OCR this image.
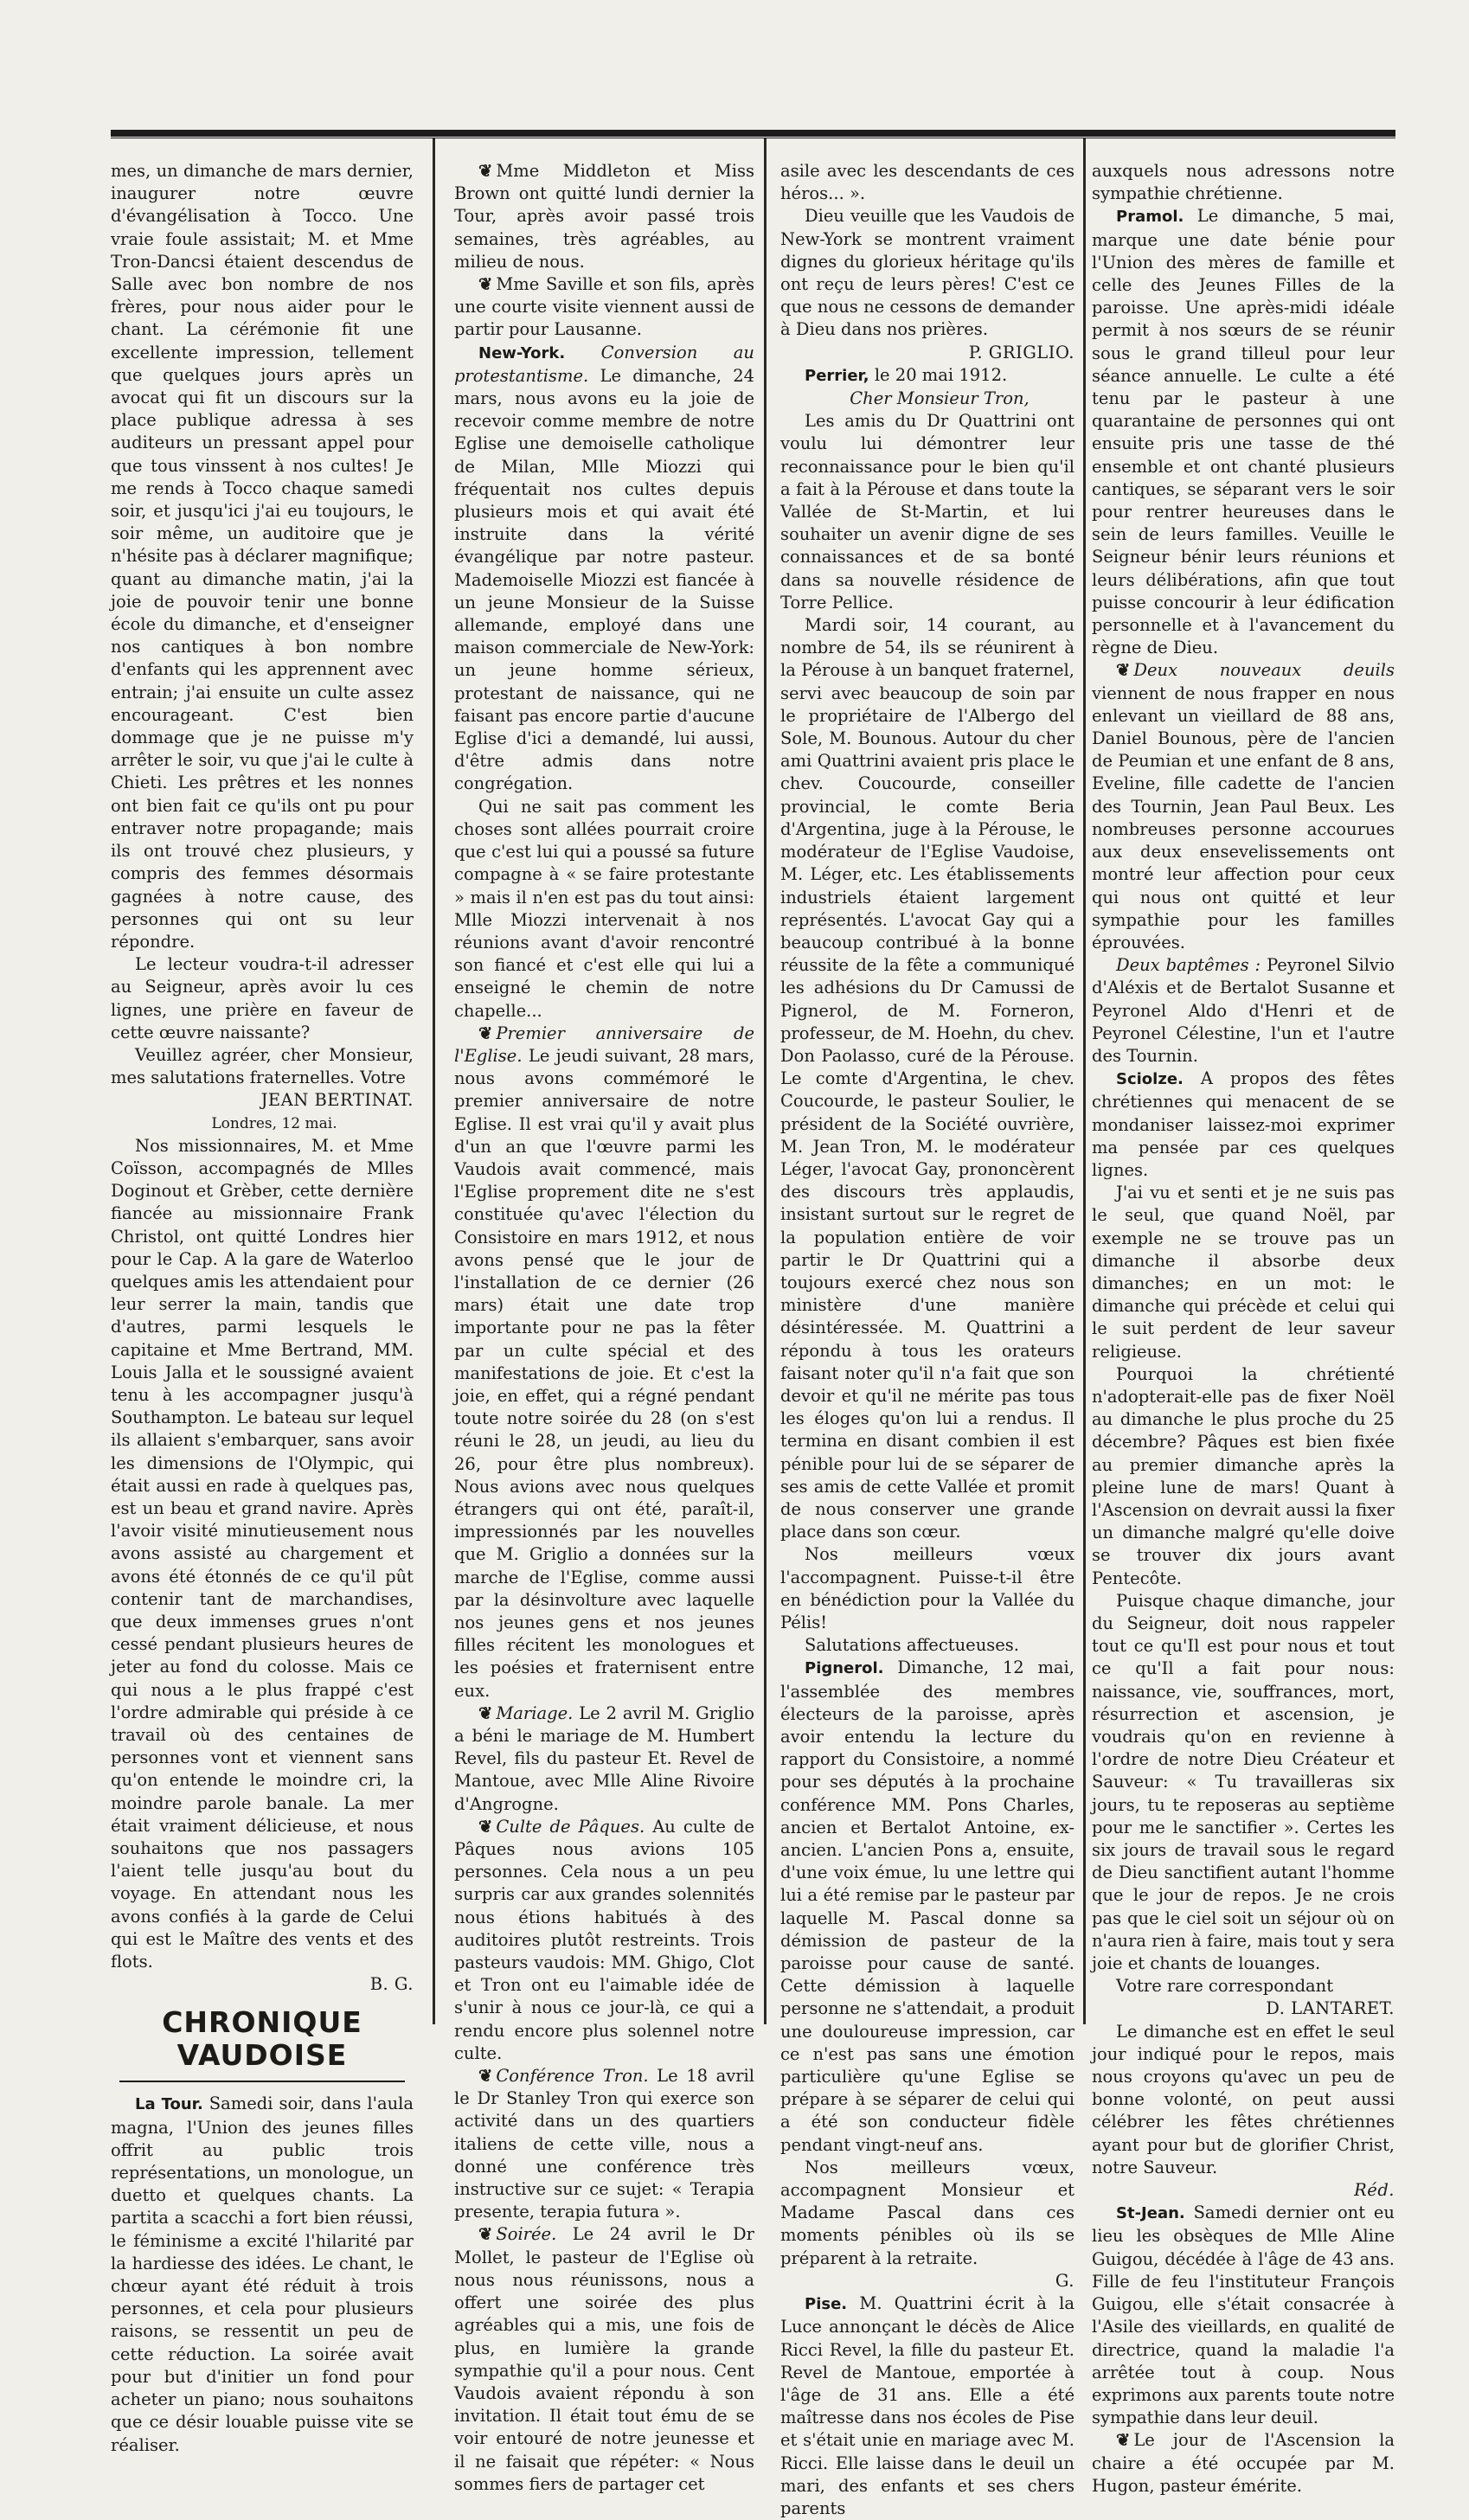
mes, un dimanche de mars dernier, inaugurer notre œuvre d'évangélisation à Tocco. Une vraie foule assistait; M. et Mme Tron-Dancsi étaient descendus de Salle avec bon nombre de nos frères, pour nous aider pour le chant. La cérémonie fit une excellente impression, tellement que quelques jours après un avocat qui fit un discours sur la place publique adressa à ses auditeurs un pressant appel pour que tous vinssent à nos cultes! Je me rends à Tocco chaque samedi soir, et jusqu'ici j'ai eu toujours, le soir même, un auditoire que je n'hésite pas à déclarer magnifique; quant au dimanche matin, j'ai la joie de pouvoir tenir une bonne école du dimanche, et d'enseigner nos cantiques à bon nombre d'enfants qui les apprennent avec entrain; j'ai ensuite un culte assez encourageant. C'est bien dommage que je ne puisse m'y arrêter le soir, vu que j'ai le culte à Chieti. Les prêtres et les nonnes ont bien fait ce qu'ils ont pu pour entraver notre propagande; mais ils ont trouvé chez plusieurs, y compris des femmes désormais gagnées à notre cause, des personnes qui ont su leur répondre.

Le lecteur voudra-t-il adresser au Seigneur, après avoir lu ces lignes, une prière en faveur de cette œuvre naissante?

Veuillez agréer, cher Monsieur, mes salutations fraternelles. Votre

JEAN BERTINAT.

Londres, 12 mai.

Nos missionnaires, M. et Mme Coïsson, accompagnés de Mlles Doginout et Grèber, cette dernière fiancée au missionnaire Frank Christol, ont quitté Londres hier pour le Cap. A la gare de Waterloo quelques amis les attendaient pour leur serrer la main, tandis que d'autres, parmi lesquels le capitaine et Mme Bertrand, MM. Louis Jalla et le soussigné avaient tenu à les accompagner jusqu'à Southampton. Le bateau sur lequel ils allaient s'embarquer, sans avoir les dimensions de l'Olympic, qui était aussi en rade à quelques pas, est un beau et grand navire. Après l'avoir visité minutieusement nous avons assisté au chargement et avons été étonnés de ce qu'il pût contenir tant de marchandises, que deux immenses grues n'ont cessé pendant plusieurs heures de jeter au fond du colosse. Mais ce qui nous a le plus frappé c'est l'ordre admirable qui préside à ce travail où des centaines de personnes vont et viennent sans qu'on entende le moindre cri, la moindre parole banale. La mer était vraiment délicieuse, et nous souhaitons que nos passagers l'aient telle jusqu'au bout du voyage. En attendant nous les avons confiés à la garde de Celui qui est le Maître des vents et des flots.

B. G.

CHRONIQUE VAUDOISE

La Tour. Samedi soir, dans l'aula magna, l'Union des jeunes filles offrit au public trois représentations, un monologue, un duetto et quelques chants. La partita a scacchi a fort bien réussi, le féminisme a excité l'hilarité par la hardiesse des idées. Le chant, le chœur ayant été réduit à trois personnes, et cela pour plusieurs raisons, se ressentit un peu de cette réduction. La soirée avait pour but d'initier un fond pour acheter un piano; nous souhaitons que ce désir louable puisse vite se réaliser.

❦ Mme Middleton et Miss Brown ont quitté lundi dernier la Tour, après avoir passé trois semaines, très agréables, au milieu de nous.

❦ Mme Saville et son fils, après une courte visite viennent aussi de partir pour Lausanne.

New-York. Conversion au protestantisme. Le dimanche, 24 mars, nous avons eu la joie de recevoir comme membre de notre Eglise une demoiselle catholique de Milan, Mlle Miozzi qui fréquentait nos cultes depuis plusieurs mois et qui avait été instruite dans la vérité évangélique par notre pasteur. Mademoiselle Miozzi est fiancée à un jeune Monsieur de la Suisse allemande, employé dans une maison commerciale de New-York: un jeune homme sérieux, protestant de naissance, qui ne faisant pas encore partie d'aucune Eglise d'ici a demandé, lui aussi, d'être admis dans notre congrégation.

Qui ne sait pas comment les choses sont allées pourrait croire que c'est lui qui a poussé sa future compagne à « se faire protestante » mais il n'en est pas du tout ainsi: Mlle Miozzi intervenait à nos réunions avant d'avoir rencontré son fiancé et c'est elle qui lui a enseigné le chemin de notre chapelle...

❦ Premier anniversaire de l'Eglise. Le jeudi suivant, 28 mars, nous avons commémoré le premier anniversaire de notre Eglise. Il est vrai qu'il y avait plus d'un an que l'œuvre parmi les Vaudois avait commencé, mais l'Eglise proprement dite ne s'est constituée qu'avec l'élection du Consistoire en mars 1912, et nous avons pensé que le jour de l'installation de ce dernier (26 mars) était une date trop importante pour ne pas la fêter par un culte spécial et des manifestations de joie. Et c'est la joie, en effet, qui a régné pendant toute notre soirée du 28 (on s'est réuni le 28, un jeudi, au lieu du 26, pour être plus nombreux). Nous avions avec nous quelques étrangers qui ont été, paraît-il, impressionnés par les nouvelles que M. Griglio a données sur la marche de l'Eglise, comme aussi par la désinvolture avec laquelle nos jeunes gens et nos jeunes filles récitent les monologues et les poésies et fraternisent entre eux.

❦ Mariage. Le 2 avril M. Griglio a béni le mariage de M. Humbert Revel, fils du pasteur Et. Revel de Mantoue, avec Mlle Aline Rivoire d'Angrogne.

❦ Culte de Pâques. Au culte de Pâques nous avions 105 personnes. Cela nous a un peu surpris car aux grandes solennités nous étions habitués à des auditoires plutôt restreints. Trois pasteurs vaudois: MM. Ghigo, Clot et Tron ont eu l'aimable idée de s'unir à nous ce jour-là, ce qui a rendu encore plus solennel notre culte.

❦ Conférence Tron. Le 18 avril le Dr Stanley Tron qui exerce son activité dans un des quartiers italiens de cette ville, nous a donné une conférence très instructive sur ce sujet: « Terapia presente, terapia futura ».

❦ Soirée. Le 24 avril le Dr Mollet, le pasteur de l'Eglise où nous nous réunissons, nous a offert une soirée des plus agréables qui a mis, une fois de plus, en lumière la grande sympathie qu'il a pour nous. Cent Vaudois avaient répondu à son invitation. Il était tout ému de se voir entouré de notre jeunesse et il ne faisait que répéter: « Nous sommes fiers de partager cet

asile avec les descendants de ces héros... ».

Dieu veuille que les Vaudois de New-York se montrent vraiment dignes du glorieux héritage qu'ils ont reçu de leurs pères! C'est ce que nous ne cessons de demander à Dieu dans nos prières.

P. GRIGLIO.

Perrier, le 20 mai 1912.

Cher Monsieur Tron,

Les amis du Dr Quattrini ont voulu lui démontrer leur reconnaissance pour le bien qu'il a fait à la Pérouse et dans toute la Vallée de St-Martin, et lui souhaiter un avenir digne de ses connaissances et de sa bonté dans sa nouvelle résidence de Torre Pellice.

Mardi soir, 14 courant, au nombre de 54, ils se réunirent à la Pérouse à un banquet fraternel, servi avec beaucoup de soin par le propriétaire de l'Albergo del Sole, M. Bounous. Autour du cher ami Quattrini avaient pris place le chev. Coucourde, conseiller provincial, le comte Beria d'Argentina, juge à la Pérouse, le modérateur de l'Eglise Vaudoise, M. Léger, etc. Les établissements industriels étaient largement représentés. L'avocat Gay qui a beaucoup contribué à la bonne réussite de la fête a communiqué les adhésions du Dr Camussi de Pignerol, de M. Forneron, professeur, de M. Hoehn, du chev. Don Paolasso, curé de la Pérouse. Le comte d'Argentina, le chev. Coucourde, le pasteur Soulier, le président de la Société ouvrière, M. Jean Tron, M. le modérateur Léger, l'avocat Gay, prononcèrent des discours très applaudis, insistant surtout sur le regret de la population entière de voir partir le Dr Quattrini qui a toujours exercé chez nous son ministère d'une manière désintéressée. M. Quattrini a répondu à tous les orateurs faisant noter qu'il n'a fait que son devoir et qu'il ne mérite pas tous les éloges qu'on lui a rendus. Il termina en disant combien il est pénible pour lui de se séparer de ses amis de cette Vallée et promit de nous conserver une grande place dans son cœur.

Nos meilleurs vœux l'accompagnent. Puisse-t-il être en bénédiction pour la Vallée du Pélis!

Salutations affectueuses.

Pignerol. Dimanche, 12 mai, l'assemblée des membres électeurs de la paroisse, après avoir entendu la lecture du rapport du Consistoire, a nommé pour ses députés à la prochaine conférence MM. Pons Charles, ancien et Bertalot Antoine, ex-ancien. L'ancien Pons a, ensuite, d'une voix émue, lu une lettre qui lui a été remise par le pasteur par laquelle M. Pascal donne sa démission de pasteur de la paroisse pour cause de santé. Cette démission à laquelle personne ne s'attendait, a produit une douloureuse impression, car ce n'est pas sans une émotion particulière qu'une Eglise se prépare à se séparer de celui qui a été son conducteur fidèle pendant vingt-neuf ans.

Nos meilleurs vœux, accompagnent Monsieur et Madame Pascal dans ces moments pénibles où ils se préparent à la retraite.

G.

Pise. M. Quattrini écrit à la Luce annonçant le décès de Alice Ricci Revel, la fille du pasteur Et. Revel de Mantoue, emportée à l'âge de 31 ans. Elle a été maîtresse dans nos écoles de Pise et s'était unie en mariage avec M. Ricci. Elle laisse dans le deuil un mari, des enfants et ses chers parents

auxquels nous adressons notre sympathie chrétienne.

Pramol. Le dimanche, 5 mai, marque une date bénie pour l'Union des mères de famille et celle des Jeunes Filles de la paroisse. Une après-midi idéale permit à nos sœurs de se réunir sous le grand tilleul pour leur séance annuelle. Le culte a été tenu par le pasteur à une quarantaine de personnes qui ont ensuite pris une tasse de thé ensemble et ont chanté plusieurs cantiques, se séparant vers le soir pour rentrer heureuses dans le sein de leurs familles. Veuille le Seigneur bénir leurs réunions et leurs délibérations, afin que tout puisse concourir à leur édification personnelle et à l'avancement du règne de Dieu.

❦ Deux nouveaux deuils viennent de nous frapper en nous enlevant un vieillard de 88 ans, Daniel Bounous, père de l'ancien de Peumian et une enfant de 8 ans, Eveline, fille cadette de l'ancien des Tournin, Jean Paul Beux. Les nombreuses personne accourues aux deux ensevelissements ont montré leur affection pour ceux qui nous ont quitté et leur sympathie pour les familles éprouvées.

Deux baptêmes : Peyronel Silvio d'Aléxis et de Bertalot Susanne et Peyronel Aldo d'Henri et de Peyronel Célestine, l'un et l'autre des Tournin.

Sciolze. A propos des fêtes chrétiennes qui menacent de se mondaniser laissez-moi exprimer ma pensée par ces quelques lignes.

J'ai vu et senti et je ne suis pas le seul, que quand Noël, par exemple ne se trouve pas un dimanche il absorbe deux dimanches; en un mot: le dimanche qui précède et celui qui le suit perdent de leur saveur religieuse.

Pourquoi la chrétienté n'adopterait-elle pas de fixer Noël au dimanche le plus proche du 25 décembre? Pâques est bien fixée au premier dimanche après la pleine lune de mars! Quant à l'Ascension on devrait aussi la fixer un dimanche malgré qu'elle doive se trouver dix jours avant Pentecôte.

Puisque chaque dimanche, jour du Seigneur, doit nous rappeler tout ce qu'Il est pour nous et tout ce qu'Il a fait pour nous: naissance, vie, souffrances, mort, résurrection et ascension, je voudrais qu'on en revienne à l'ordre de notre Dieu Créateur et Sauveur: « Tu travailleras six jours, tu te reposeras au septième pour me le sanctifier ». Certes les six jours de travail sous le regard de Dieu sanctifient autant l'homme que le jour de repos. Je ne crois pas que le ciel soit un séjour où on n'aura rien à faire, mais tout y sera joie et chants de louanges.

Votre rare correspondant

D. LANTARET.

Le dimanche est en effet le seul jour indiqué pour le repos, mais nous croyons qu'avec un peu de bonne volonté, on peut aussi célébrer les fêtes chrétiennes ayant pour but de glorifier Christ, notre Sauveur.

Réd.

St-Jean. Samedi dernier ont eu lieu les obsèques de Mlle Aline Guigou, décédée à l'âge de 43 ans. Fille de feu l'instituteur François Guigou, elle s'était consacrée à l'Asile des vieillards, en qualité de directrice, quand la maladie l'a arrêtée tout à coup. Nous exprimons aux parents toute notre sympathie dans leur deuil.

❦ Le jour de l'Ascension la chaire a été occupée par M. Hugon, pasteur émérite.
